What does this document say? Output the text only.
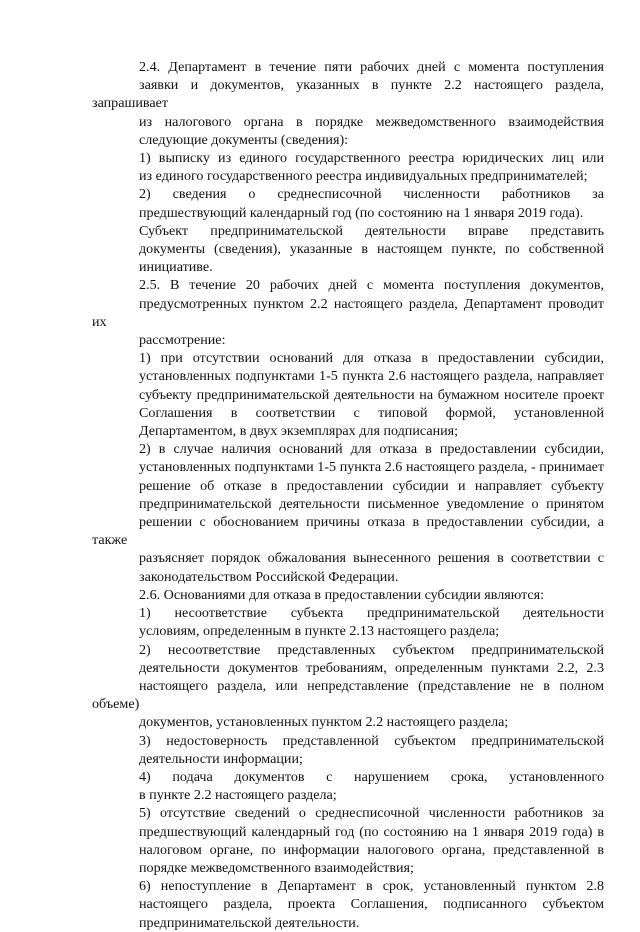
2.4. Департамент в течение пяти рабочих дней с момента поступления
заявки и документов, указанных в пункте 2.2 настоящего раздела, запрашивает
из налогового органа в порядке межведомственного взаимодействия
следующие документы (сведения):
1) выписку из единого государственного реестра юридических лиц или
из единого государственного реестра индивидуальных предпринимателей;
2) сведения о среднесписочной численности работников за
предшествующий календарный год (по состоянию на 1 января 2019 года).
Субъект предпринимательской деятельности вправе представить
документы (сведения), указанные в настоящем пункте, по собственной
инициативе.
2.5. В течение 20 рабочих дней с момента поступления документов,
предусмотренных пунктом 2.2 настоящего раздела, Департамент проводит их
рассмотрение:
1) при отсутствии оснований для отказа в предоставлении субсидии,
установленных подпунктами 1-5 пункта 2.6 настоящего раздела, направляет
субъекту предпринимательской деятельности на бумажном носителе проект
Соглашения в соответствии с типовой формой, установленной
Департаментом, в двух экземплярах для подписания;
2) в случае наличия оснований для отказа в предоставлении субсидии,
установленных подпунктами 1-5 пункта 2.6 настоящего раздела, - принимает
решение об отказе в предоставлении субсидии и направляет субъекту
предпринимательской деятельности письменное уведомление о принятом
решении с обоснованием причины отказа в предоставлении субсидии, а также
разъясняет порядок обжалования вынесенного решения в соответствии с
законодательством Российской Федерации.
2.6. Основаниями для отказа в предоставлении субсидии являются:
1) несоответствие субъекта предпринимательской деятельности
условиям, определенным в пункте 2.13 настоящего раздела;
2) несоответствие представленных субъектом предпринимательской
деятельности документов требованиям, определенным пунктами 2.2, 2.3
настоящего раздела, или непредставление (представление не в полном объеме)
документов, установленных пунктом 2.2 настоящего раздела;
3) недостоверность представленной субъектом предпринимательской
деятельности информации;
4) подача документов с нарушением срока, установленного
в пункте 2.2 настоящего раздела;
5) отсутствие сведений о среднесписочной численности работников за
предшествующий календарный год (по состоянию на 1 января 2019 года) в
налоговом органе, по информации налогового органа, представленной в
порядке межведомственного взаимодействия;
6) непоступление в Департамент в срок, установленный пунктом 2.8
настоящего раздела, проекта Соглашения, подписанного субъектом
предпринимательской деятельности.
